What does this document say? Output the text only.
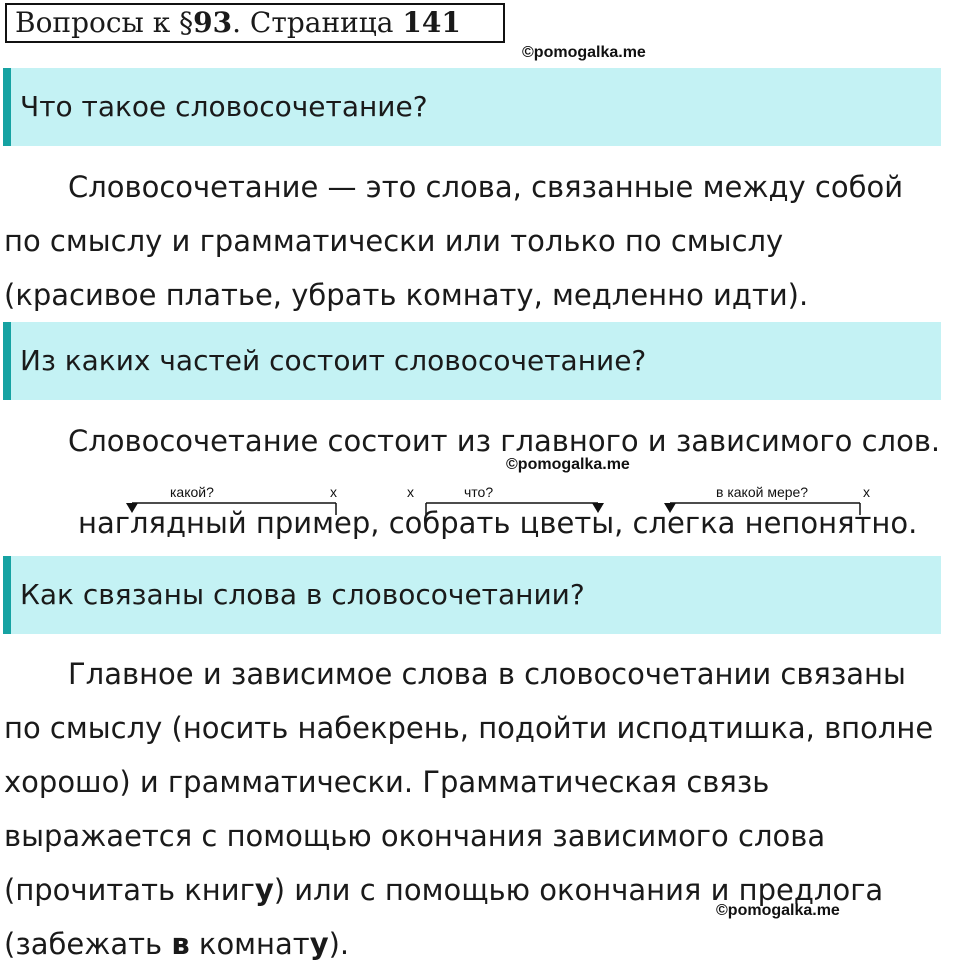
Вопросы к §93. Страница 141
©pomogalka.me
Что такое словосочетание?

Словосочетание — это слова, связанные между собой по смыслу и грамматически или только по смыслу (красивое платье, убрать комнату, медленно идти).

Из каких частей состоит словосочетание?

Словосочетание состоит из главного и зависимого слов.

©pomogalka.me
какой?	x	x	что?	в какой мере?	x
наглядный пример, собрать цветы, слегка непонятно.
Как связаны слова в словосочетании?

Главное и зависимое слова в словосочетании связаны по смыслу (носить набекрень, подойти исподтишка, вполне хорошо) и грамматически. Грамматическая связь выражается с помощью окончания зависимого слова (прочитать книгу) или с помощью окончания и предлога (забежать в комнату).

©pomogalka.me
